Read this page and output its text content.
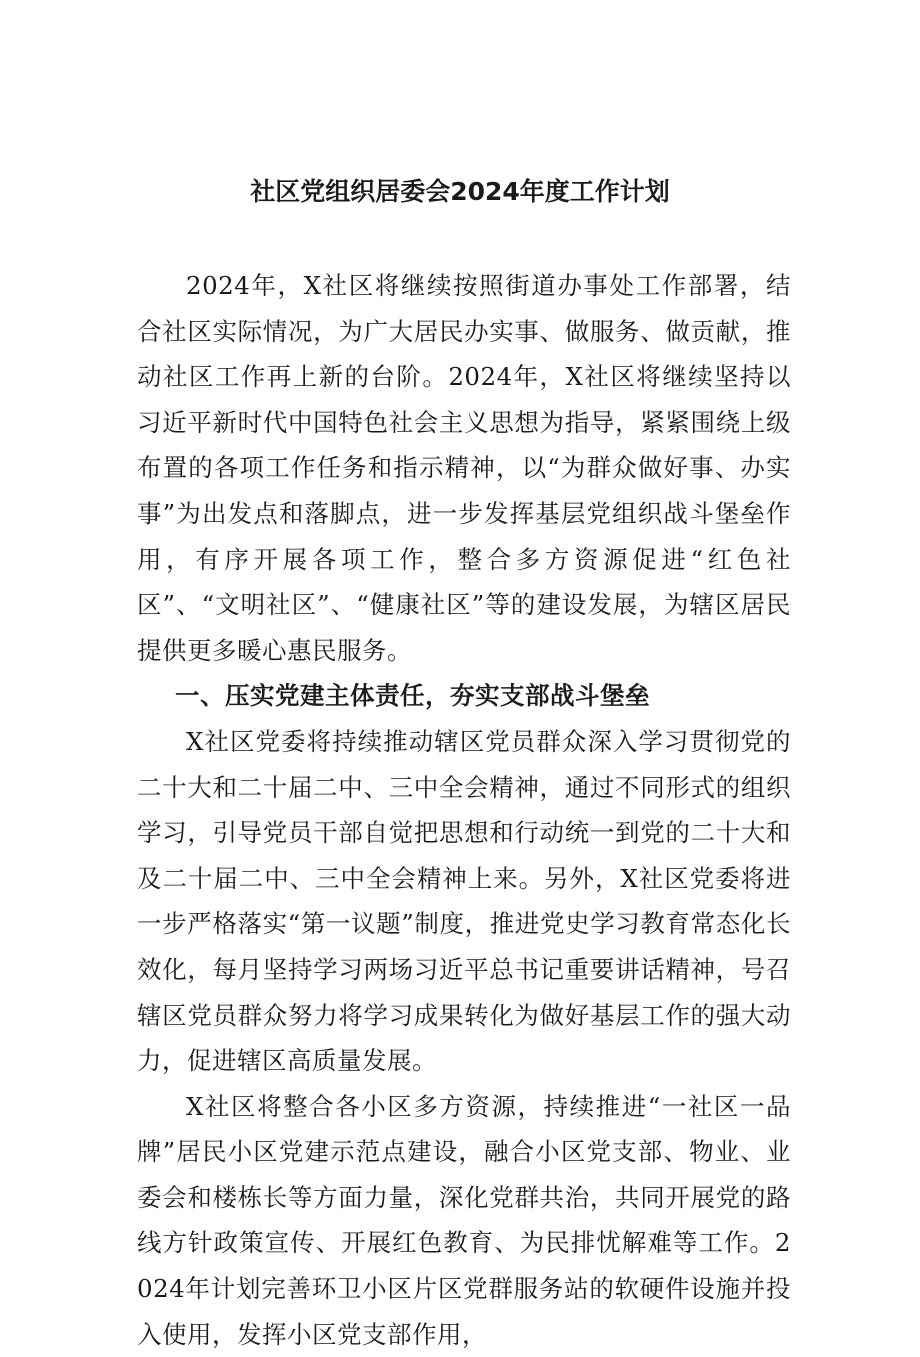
社区党组织居委会2024年度工作计划

2024年，X社区将继续按照街道办事处工作部署，结合社区实际情况，为广大居民办实事、做服务、做贡献，推动社区工作再上新的台阶。2024年，X社区将继续坚持以习近平新时代中国特色社会主义思想为指导，紧紧围绕上级布置的各项工作任务和指示精神，以“为群众做好事、办实事”为出发点和落脚点，进一步发挥基层党组织战斗堡垒作用，有序开展各项工作，整合多方资源促进“红色社区”、“文明社区”、“健康社区”等的建设发展，为辖区居民提供更多暖心惠民服务。

一、压实党建主体责任，夯实支部战斗堡垒

X社区党委将持续推动辖区党员群众深入学习贯彻党的二十大和二十届二中、三中全会精神，通过不同形式的组织学习，引导党员干部自觉把思想和行动统一到党的二十大和及二十届二中、三中全会精神上来。另外，X社区党委将进一步严格落实“第一议题”制度，推进党史学习教育常态化长效化，每月坚持学习两场习近平总书记重要讲话精神，号召辖区党员群众努力将学习成果转化为做好基层工作的强大动力，促进辖区高质量发展。

X社区将整合各小区多方资源，持续推进“一社区一品牌”居民小区党建示范点建设，融合小区党支部、物业、业委会和楼栋长等方面力量，深化党群共治，共同开展党的路线方针政策宣传、开展红色教育、为民排忧解难等工作。2024年计划完善环卫小区片区党群服务站的软硬件设施并投入使用，发挥小区党支部作用，
